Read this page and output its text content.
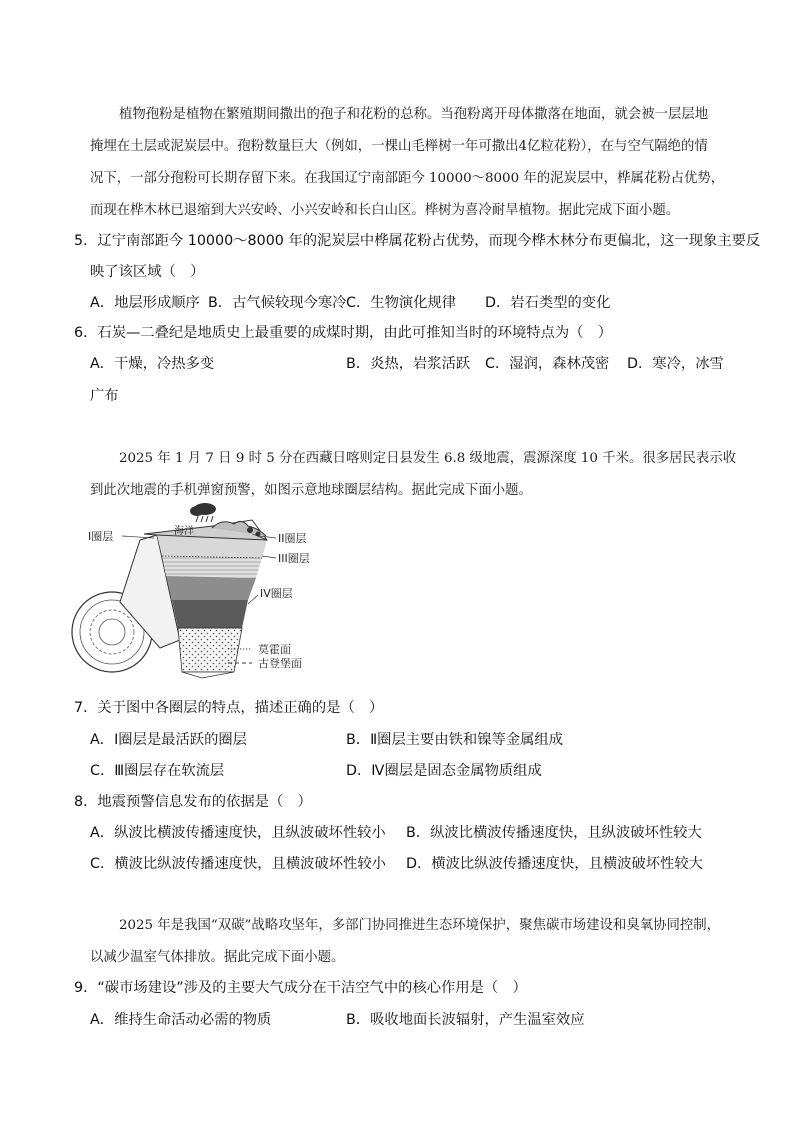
植物孢粉是植物在繁殖期间撒出的孢子和花粉的总称。当孢粉离开母体撒落在地面，就会被一层层地

掩埋在土层或泥炭层中。孢粉数量巨大（例如，一棵山毛榉树一年可撒出4亿粒花粉），在与空气隔绝的情

况下，一部分孢粉可长期存留下来。在我国辽宁南部距今 10000～8000 年的泥炭层中，桦属花粉占优势，

而现在桦木林已退缩到大兴安岭、小兴安岭和长白山区。桦树为喜冷耐旱植物。据此完成下面小题。

5．辽宁南部距今 10000～8000 年的泥炭层中桦属花粉占优势，而现今桦木林分布更偏北，这一现象主要反

映了该区域（　）

A．地层形成顺序 B．古气候较现今寒冷 C．生物演化规律 D．岩石类型的变化

6．石炭—二叠纪是地质史上最重要的成煤时期，由此可推知当时的环境特点为（　）

A．干燥，冷热多变	B．炎热，岩浆活跃 C．湿润，森林茂密 D．寒冷，冰雪

广布

2025 年 1 月 7 日 9 时 5 分在西藏日喀则定日县发生 6.8 级地震，震源深度 10 千米。很多居民表示收

到此次地震的手机弹窗预警，如图示意地球圈层结构。据此完成下面小题。

I圈层	海洋
II圈层
III圈层
IV圈层
莫霍面
古登堡面

7．关于图中各圈层的特点，描述正确的是（　）

A．Ⅰ圈层是最活跃的圈层	B．Ⅱ圈层主要由铁和镍等金属组成

C．Ⅲ圈层存在软流层	D．Ⅳ圈层是固态金属物质组成

8．地震预警信息发布的依据是（　）

A．纵波比横波传播速度快，且纵波破坏性较小 B．纵波比横波传播速度快，且纵波破坏性较大

C．横波比纵波传播速度快，且横波破坏性较小 D．横波比纵波传播速度快，且横波破坏性较大

2025 年是我国“双碳”战略攻坚年，多部门协同推进生态环境保护，聚焦碳市场建设和臭氧协同控制，

以减少温室气体排放。据此完成下面小题。

9．“碳市场建设”涉及的主要大气成分在干洁空气中的核心作用是（　）

A．维持生命活动必需的物质	B．吸收地面长波辐射，产生温室效应
